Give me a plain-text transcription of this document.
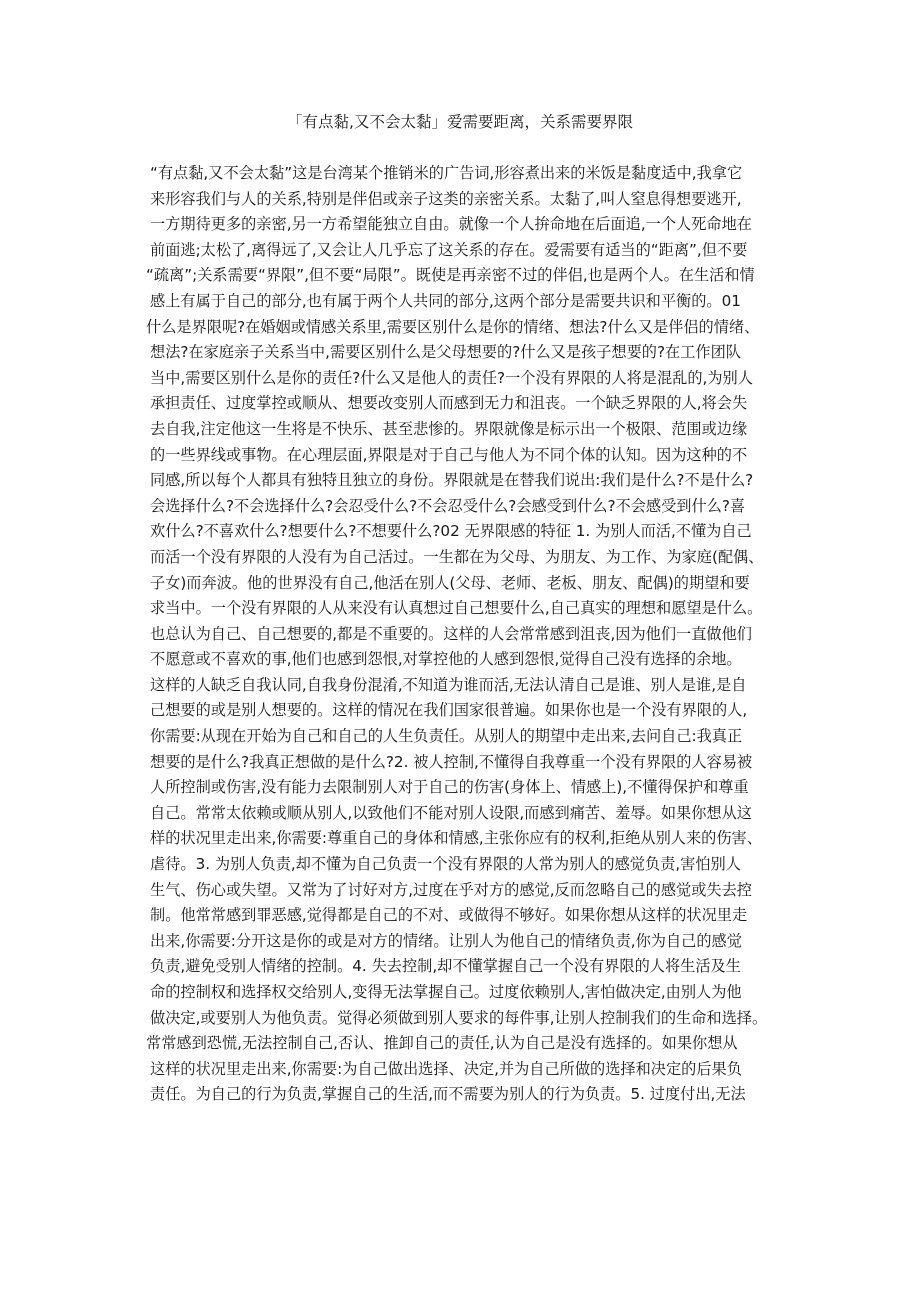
「有点黏,又不会太黏」爱需要距离，关系需要界限
“有点黏,又不会太黏”这是台湾某个推销米的广告词,形容煮出来的米饭是黏度适中,我拿它
来形容我们与人的关系,特别是伴侣或亲子这类的亲密关系。太黏了,叫人窒息得想要逃开,
一方期待更多的亲密,另一方希望能独立自由。就像一个人拚命地在后面追,一个人死命地在
前面逃;太松了,离得远了,又会让人几乎忘了这关系的存在。爱需要有适当的“距离”,但不要
“疏离”;关系需要“界限”,但不要“局限”。既使是再亲密不过的伴侣,也是两个人。在生活和情
感上有属于自己的部分,也有属于两个人共同的部分,这两个部分是需要共识和平衡的。01
什么是界限呢?在婚姻或情感关系里,需要区别什么是你的情绪、想法?什么又是伴侣的情绪、
想法?在家庭亲子关系当中,需要区别什么是父母想要的?什么又是孩子想要的?在工作团队
当中,需要区别什么是你的责任?什么又是他人的责任?一个没有界限的人将是混乱的,为别人
承担责任、过度掌控或顺从、想要改变别人而感到无力和沮丧。一个缺乏界限的人,将会失
去自我,注定他这一生将是不快乐、甚至悲惨的。界限就像是标示出一个极限、范围或边缘
的一些界线或事物。在心理层面,界限是对于自己与他人为不同个体的认知。因为这种的不
同感,所以每个人都具有独特且独立的身份。界限就是在替我们说出:我们是什么?不是什么?
会选择什么?不会选择什么?会忍受什么?不会忍受什么?会感受到什么?不会感受到什么?喜
欢什么?不喜欢什么?想要什么?不想要什么?02 无界限感的特征 1. 为别人而活,不懂为自己
而活一个没有界限的人没有为自己活过。一生都在为父母、为朋友、为工作、为家庭(配偶、
子女)而奔波。他的世界没有自己,他活在别人(父母、老师、老板、朋友、配偶)的期望和要
求当中。一个没有界限的人从来没有认真想过自己想要什么,自己真实的理想和愿望是什么。
也总认为自己、自己想要的,都是不重要的。这样的人会常常感到沮丧,因为他们一直做他们
不愿意或不喜欢的事,他们也感到怨恨,对掌控他的人感到怨恨,觉得自己没有选择的余地。
这样的人缺乏自我认同,自我身份混淆,不知道为谁而活,无法认清自己是谁、别人是谁,是自
己想要的或是别人想要的。这样的情况在我们国家很普遍。如果你也是一个没有界限的人,
你需要:从现在开始为自己和自己的人生负责任。从别人的期望中走出来,去问自己:我真正
想要的是什么?我真正想做的是什么?2. 被人控制,不懂得自我尊重一个没有界限的人容易被
人所控制或伤害,没有能力去限制别人对于自己的伤害(身体上、情感上),不懂得保护和尊重
自己。常常太依赖或顺从别人,以致他们不能对别人设限,而感到痛苦、羞辱。如果你想从这
样的状况里走出来,你需要:尊重自己的身体和情感,主张你应有的权利,拒绝从别人来的伤害、
虐待。3. 为别人负责,却不懂为自己负责一个没有界限的人常为别人的感觉负责,害怕别人
生气、伤心或失望。又常为了讨好对方,过度在乎对方的感觉,反而忽略自己的感觉或失去控
制。他常常感到罪恶感,觉得都是自己的不对、或做得不够好。如果你想从这样的状况里走
出来,你需要:分开这是你的或是对方的情绪。让别人为他自己的情绪负责,你为自己的感觉
负责,避免受别人情绪的控制。4. 失去控制,却不懂掌握自己一个没有界限的人将生活及生
命的控制权和选择权交给别人,变得无法掌握自己。过度依赖别人,害怕做决定,由别人为他
做决定,或要别人为他负责。觉得必须做到别人要求的每件事,让别人控制我们的生命和选择。
常常感到恐慌,无法控制自己,否认、推卸自己的责任,认为自己是没有选择的。如果你想从
这样的状况里走出来,你需要:为自己做出选择、决定,并为自己所做的选择和决定的后果负
责任。为自己的行为负责,掌握自己的生活,而不需要为别人的行为负责。5. 过度付出,无法
